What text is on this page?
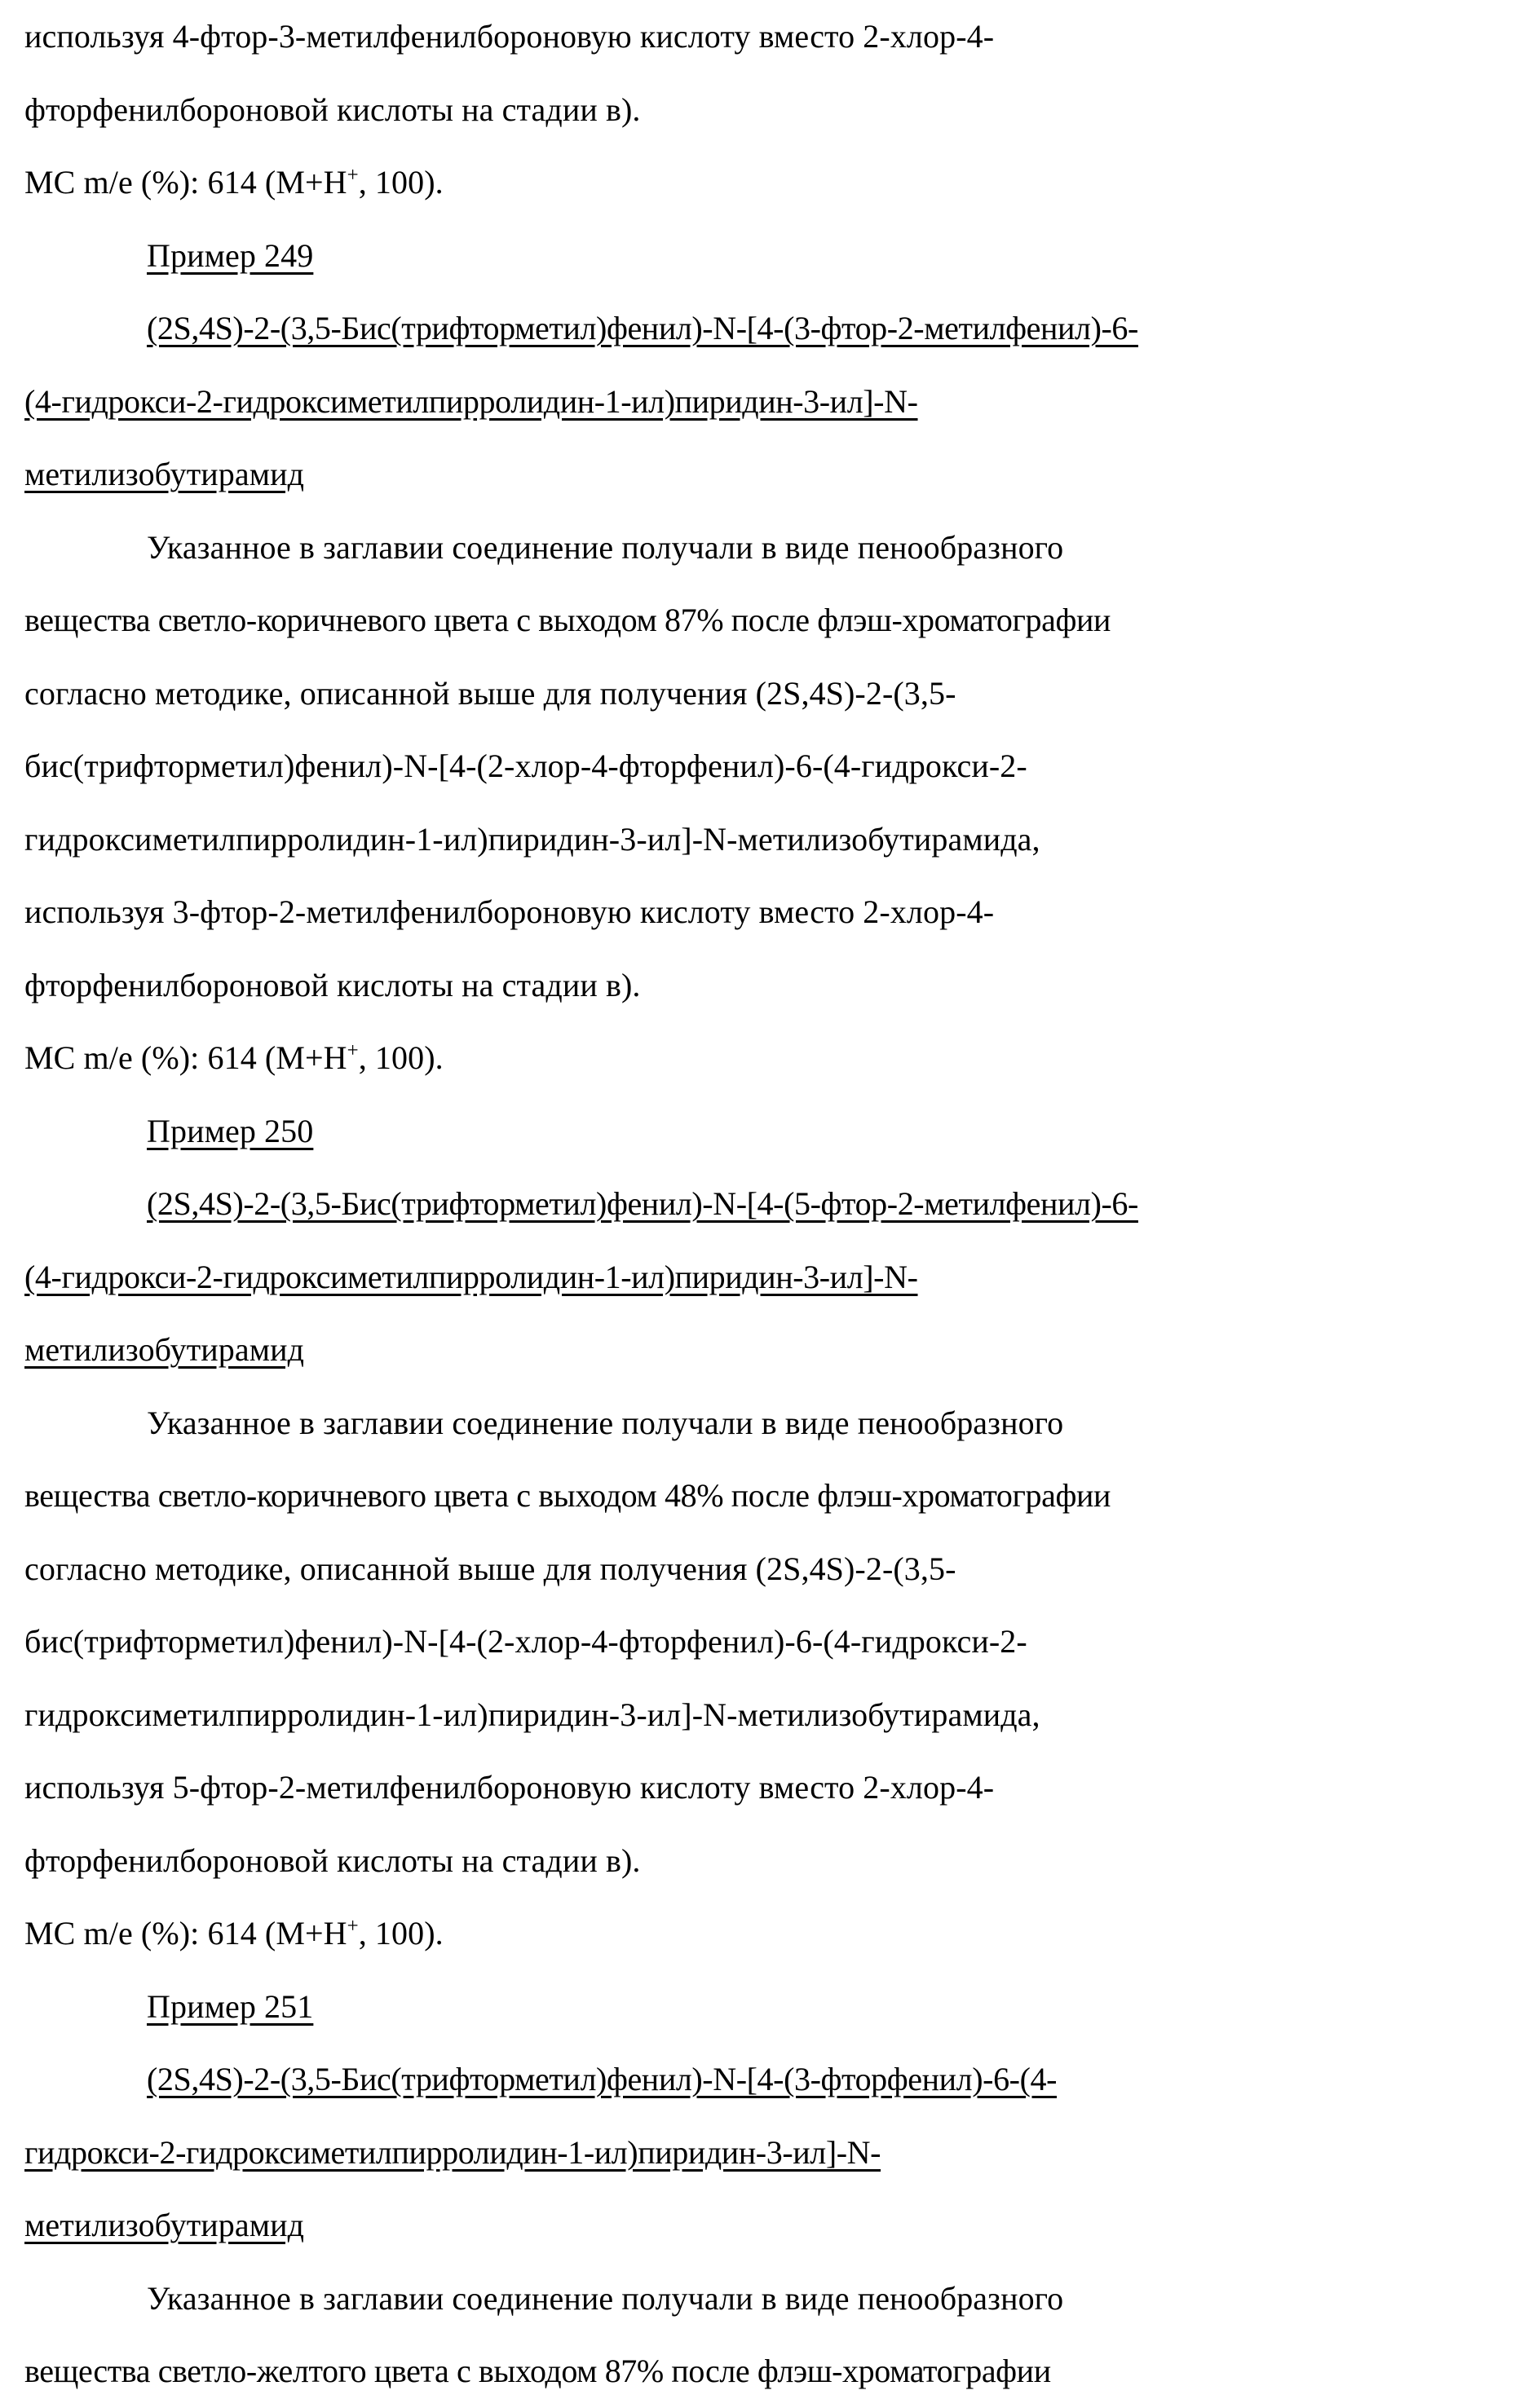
используя 4-фтор-3-метилфенилбороновую кислоту вместо 2-хлор-4-
фторфенилбороновой кислоты на стадии в).
МС m/e (%): 614 (M+H+, 100).
Пример 249
(2S,4S)-2-(3,5-Бис(трифторметил)фенил)-N-[4-(3-фтор-2-метилфенил)-6-
(4-гидрокси-2-гидроксиметилпирролидин-1-ил)пиридин-3-ил]-N-
метилизобутирамид
Указанное в заглавии соединение получали в виде пенообразного
вещества светло-коричневого цвета с выходом 87% после флэш-хроматографии
согласно методике, описанной выше для получения (2S,4S)-2-(3,5-
бис(трифторметил)фенил)-N-[4-(2-хлор-4-фторфенил)-6-(4-гидрокси-2-
гидроксиметилпирролидин-1-ил)пиридин-3-ил]-N-метилизобутирамида,
используя 3-фтор-2-метилфенилбороновую кислоту вместо 2-хлор-4-
фторфенилбороновой кислоты на стадии в).
МС m/e (%): 614 (M+H+, 100).
Пример 250
(2S,4S)-2-(3,5-Бис(трифторметил)фенил)-N-[4-(5-фтор-2-метилфенил)-6-
(4-гидрокси-2-гидроксиметилпирролидин-1-ил)пиридин-3-ил]-N-
метилизобутирамид
Указанное в заглавии соединение получали в виде пенообразного
вещества светло-коричневого цвета с выходом 48% после флэш-хроматографии
согласно методике, описанной выше для получения (2S,4S)-2-(3,5-
бис(трифторметил)фенил)-N-[4-(2-хлор-4-фторфенил)-6-(4-гидрокси-2-
гидроксиметилпирролидин-1-ил)пиридин-3-ил]-N-метилизобутирамида,
используя 5-фтор-2-метилфенилбороновую кислоту вместо 2-хлор-4-
фторфенилбороновой кислоты на стадии в).
МС m/e (%): 614 (M+H+, 100).
Пример 251
(2S,4S)-2-(3,5-Бис(трифторметил)фенил)-N-[4-(3-фторфенил)-6-(4-
гидрокси-2-гидроксиметилпирролидин-1-ил)пиридин-3-ил]-N-
метилизобутирамид
Указанное в заглавии соединение получали в виде пенообразного
вещества светло-желтого цвета с выходом 87% после флэш-хроматографии
